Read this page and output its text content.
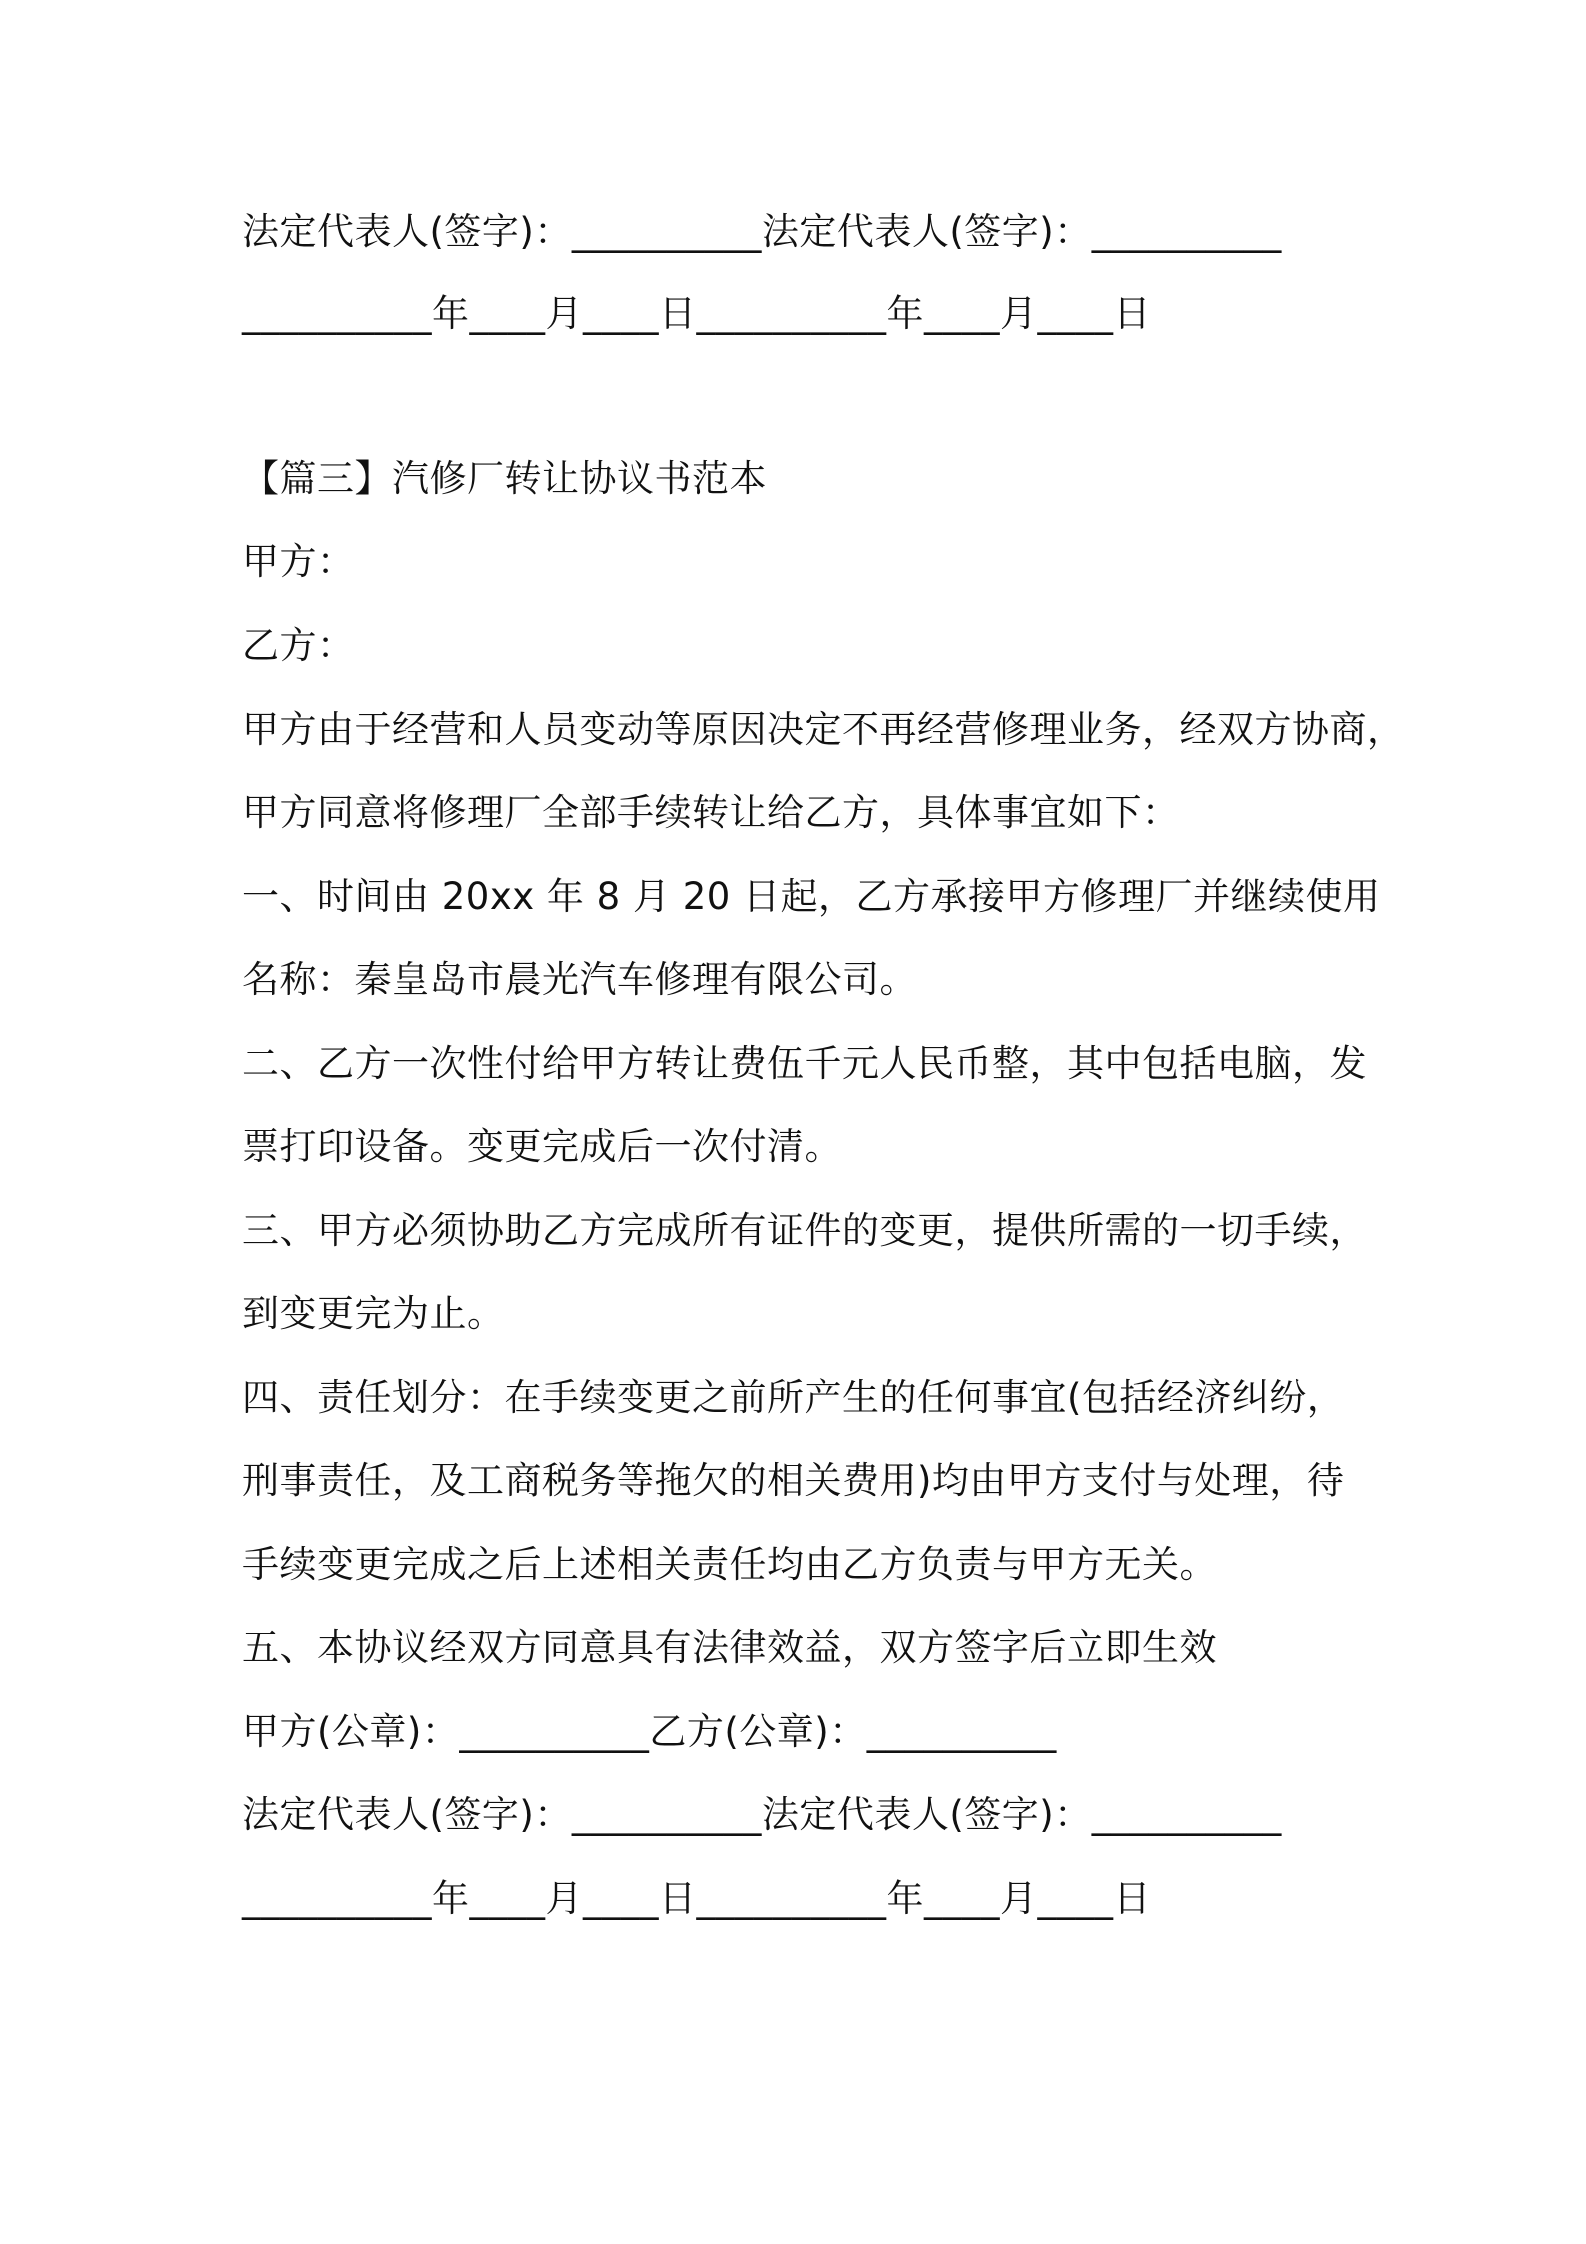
法定代表人(签字)：__________法定代表人(签字)：__________
__________年____月____日__________年____月____日
【篇三】汽修厂转让协议书范本
甲方：
乙方：
甲方由于经营和人员变动等原因决定不再经营修理业务，经双方协商，
甲方同意将修理厂全部手续转让给乙方，具体事宜如下：
一、时间由 20xx 年 8 月 20 日起，乙方承接甲方修理厂并继续使用
名称：秦皇岛市晨光汽车修理有限公司。
二、乙方一次性付给甲方转让费伍千元人民币整，其中包括电脑，发
票打印设备。变更完成后一次付清。
三、甲方必须协助乙方完成所有证件的变更，提供所需的一切手续，
到变更完为止。
四、责任划分：在手续变更之前所产生的任何事宜(包括经济纠纷，
刑事责任，及工商税务等拖欠的相关费用)均由甲方支付与处理，待
手续变更完成之后上述相关责任均由乙方负责与甲方无关。
五、本协议经双方同意具有法律效益，双方签字后立即生效
甲方(公章)：__________乙方(公章)：__________
法定代表人(签字)：__________法定代表人(签字)：__________
__________年____月____日__________年____月____日
